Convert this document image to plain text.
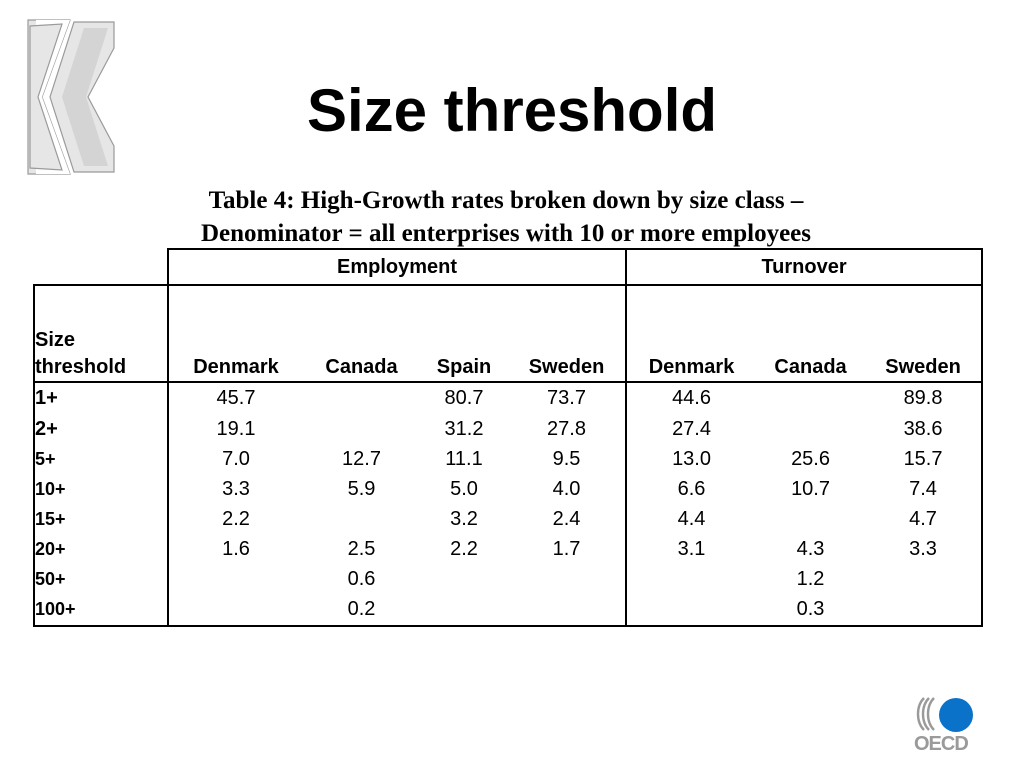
Size threshold
Table 4: High-Growth rates broken down by size class –
Denominator = all enterprises with 10 or more employees
	Employment				Turnover		
Size
threshold	Denmark	Canada	Spain	Sweden	Denmark	Canada	Sweden
1+	45.7		80.7	73.7	44.6		89.8
2+	19.1		31.2	27.8	27.4		38.6
5+	7.0	12.7	11.1	9.5	13.0	25.6	15.7
10+	3.3	5.9	5.0	4.0	6.6	10.7	7.4
15+	2.2		3.2	2.4	4.4		4.7
20+	1.6	2.5	2.2	1.7	3.1	4.3	3.3
50+		0.6				1.2	
100+		0.2				0.3	
OECD
